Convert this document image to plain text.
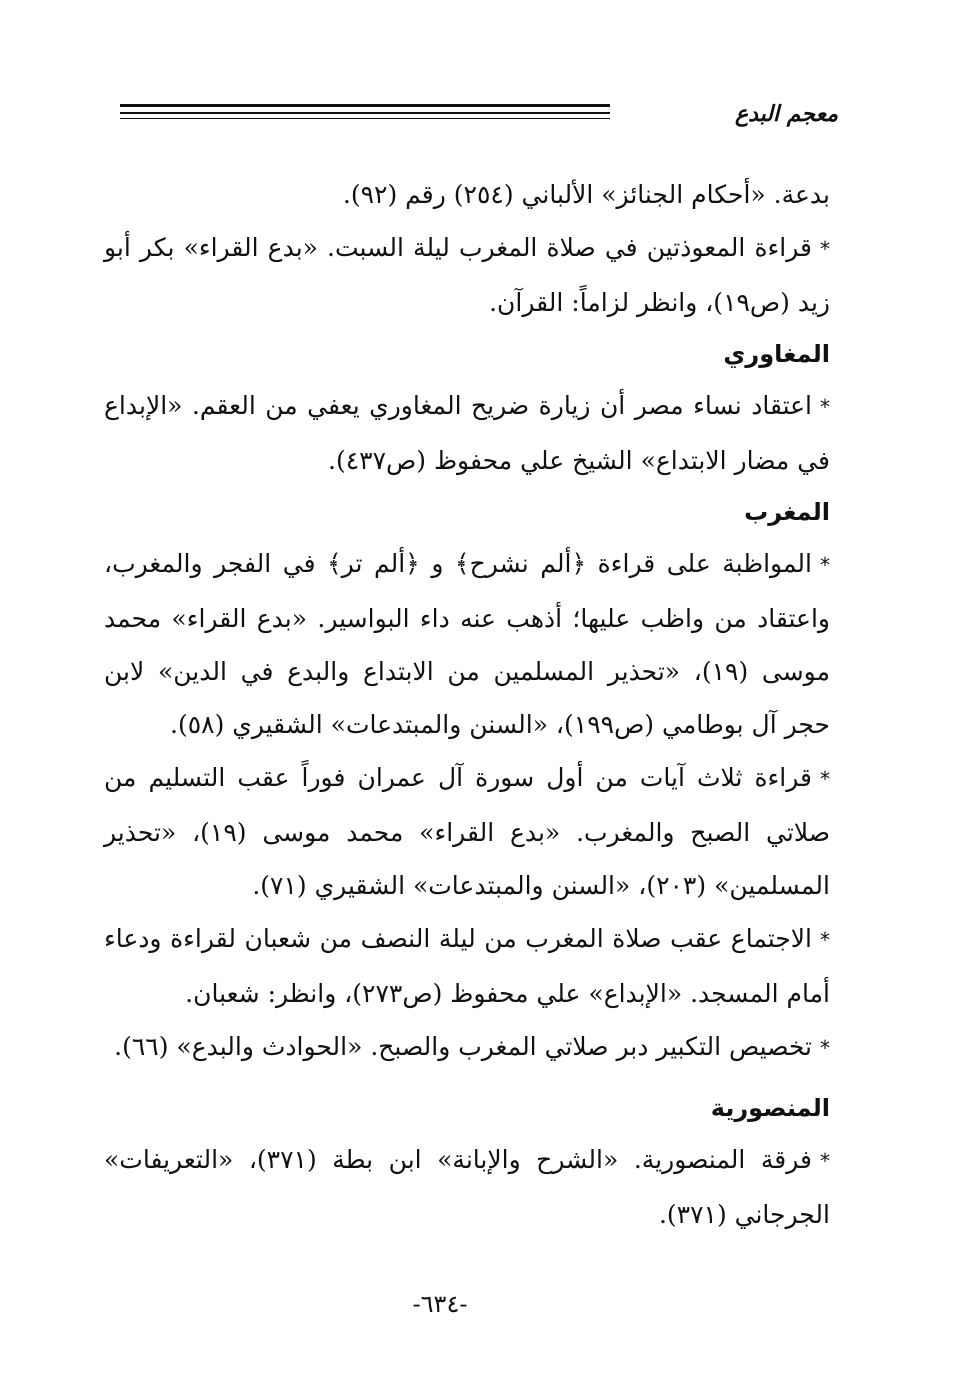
معجم البدع

بدعة. «أحكام الجنائز» الألباني (٢٥٤) رقم (٩٢).

*قراءة المعوذتين في صلاة المغرب ليلة السبت. «بدع القراء» بكر أبو زيد (ص١٩)، وانظر لزاماً: القرآن.

المغاوري

*اعتقاد نساء مصر أن زيارة ضريح المغاوري يعفي من العقم. «الإبداع في مضار الابتداع» الشيخ علي محفوظ (ص٤٣٧).

المغرب

*المواظبة على قراءة ﴿ألم نشرح﴾ و ﴿ألم تر﴾ في الفجر والمغرب، واعتقاد من واظب عليها؛ أذهب عنه داء البواسير. «بدع القراء» محمد موسى (١٩)، «تحذير المسلمين من الابتداع والبدع في الدين» لابن حجر آل بوطامي (ص١٩٩)، «السنن والمبتدعات» الشقيري (٥٨).

*قراءة ثلاث آيات من أول سورة آل عمران فوراً عقب التسليم من صلاتي الصبح والمغرب. «بدع القراء» محمد موسى (١٩)، «تحذير المسلمين» (٢٠٣)، «السنن والمبتدعات» الشقيري (٧١).

*الاجتماع عقب صلاة المغرب من ليلة النصف من شعبان لقراءة ودعاء أمام المسجد. «الإبداع» علي محفوظ (ص٢٧٣)، وانظر: شعبان.

*تخصيص التكبير دبر صلاتي المغرب والصبح. «الحوادث والبدع» (٦٦).

المنصورية

*فرقة المنصورية. «الشرح والإبانة» ابن بطة (٣٧١)، «التعريفات» الجرجاني (٣٧١).

-٦٣٤-
